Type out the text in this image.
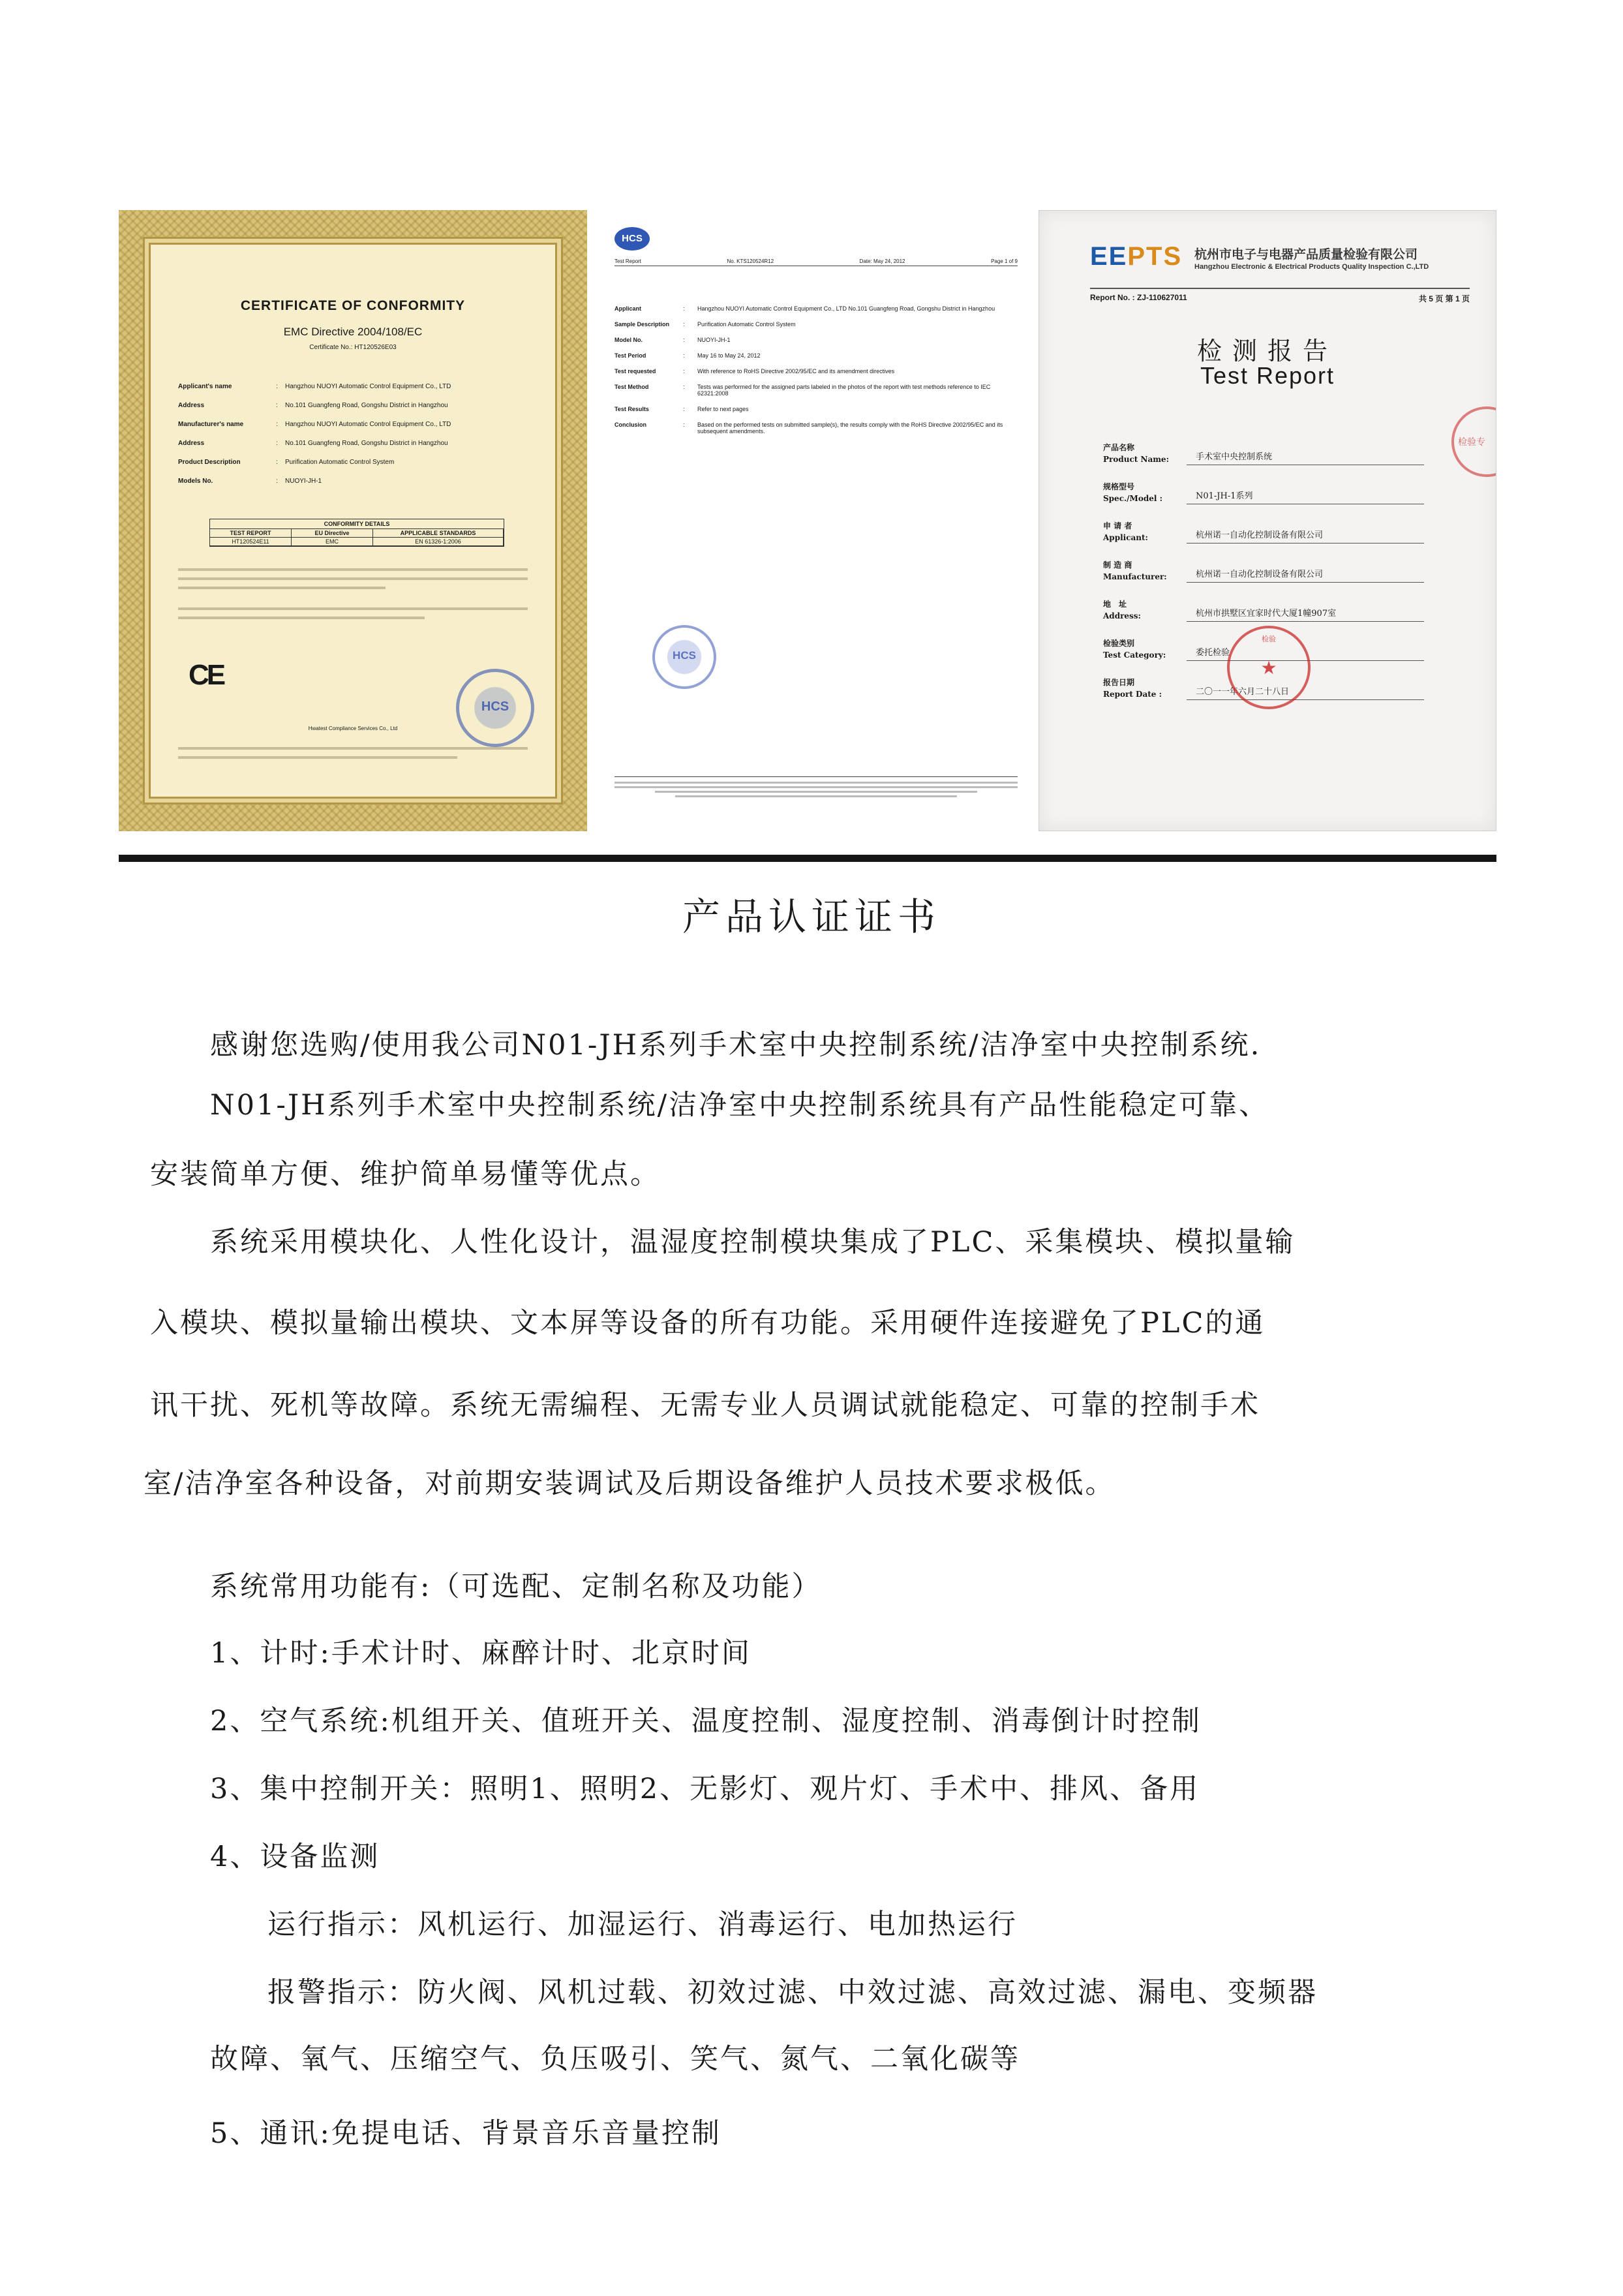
CERTIFICATE OF CONFORMITY
EMC Directive 2004/108/EC
Certificate No.: HT120526E03
Applicant's name	:	Hangzhou NUOYI Automatic Control Equipment Co., LTD
Address	:	No.101 Guangfeng Road, Gongshu District in Hangzhou
Manufacturer's name	:	Hangzhou NUOYI Automatic Control Equipment Co., LTD
Address	:	No.101 Guangfeng Road, Gongshu District in Hangzhou
Product Description	:	Purification Automatic Control System
Models No.	:	NUOYI-JH-1
CONFORMITY DETAILS
TEST REPORT	EU Directive	APPLICABLE STANDARDS
HT120524E11	EMC	EN 61326-1:2006
CE
HCS
Hwatest Compliance Services Co., Ltd
HCS
Test Report	No. KTS120524R12	Date: May 24, 2012	Page 1 of 9
Applicant	:	Hangzhou NUOYI Automatic Control Equipment Co., LTD No.101 Guangfeng Road, Gongshu District in Hangzhou
Sample Description	:	Purification Automatic Control System
Model No.	:	NUOYI-JH-1
Test Period	:	May 16 to May 24, 2012
Test requested	:	With reference to RoHS Directive 2002/95/EC and its amendment directives
Test Method	:	Tests was performed for the assigned parts labeled in the photos of the report with test methods reference to IEC 62321:2008
Test Results	:	Refer to next pages
Conclusion	:	Based on the performed tests on submitted sample(s), the results comply with the RoHS Directive 2002/95/EC and its subsequent amendments.
HCS
EEPTS 杭州市电子与电器产品质量检验有限公司
Hangzhou Electronic & Electrical Products Quality Inspection C.,LTD
Report No. : ZJ-110627011	共 5 页 第 1 页
检测报告
Test Report
产品名称
Product Name:	手术室中央控制系统
规格型号
Spec./Model :	N01-JH-1系列
申 请 者
Applicant:	杭州诺一自动化控制设备有限公司
制 造 商
Manufacturer:	杭州诺一自动化控制设备有限公司
地　址
Address:	杭州市拱墅区宜家时代大厦1幢907室
检验类别
Test Category:	委托检验
报告日期
Report Date :	二〇一一年六月二十八日
检验
★
检验专
产品认证证书

感谢您选购/使用我公司N01-JH系列手术室中央控制系统/洁净室中央控制系统.

N01-JH系列手术室中央控制系统/洁净室中央控制系统具有产品性能稳定可靠、

安装简单方便、维护简单易懂等优点。

系统采用模块化、人性化设计，温湿度控制模块集成了PLC、采集模块、模拟量输

入模块、模拟量输出模块、文本屏等设备的所有功能。采用硬件连接避免了PLC的通

讯干扰、死机等故障。系统无需编程、无需专业人员调试就能稳定、可靠的控制手术

室/洁净室各种设备，对前期安装调试及后期设备维护人员技术要求极低。

系统常用功能有:（可选配、定制名称及功能）

1、计时:手术计时、麻醉计时、北京时间

2、空气系统:机组开关、值班开关、温度控制、湿度控制、消毒倒计时控制

3、集中控制开关：照明1、照明2、无影灯、观片灯、手术中、排风、备用

4、设备监测

运行指示：风机运行、加湿运行、消毒运行、电加热运行

报警指示：防火阀、风机过载、初效过滤、中效过滤、高效过滤、漏电、变频器

故障、氧气、压缩空气、负压吸引、笑气、氮气、二氧化碳等

5、通讯:免提电话、背景音乐音量控制
